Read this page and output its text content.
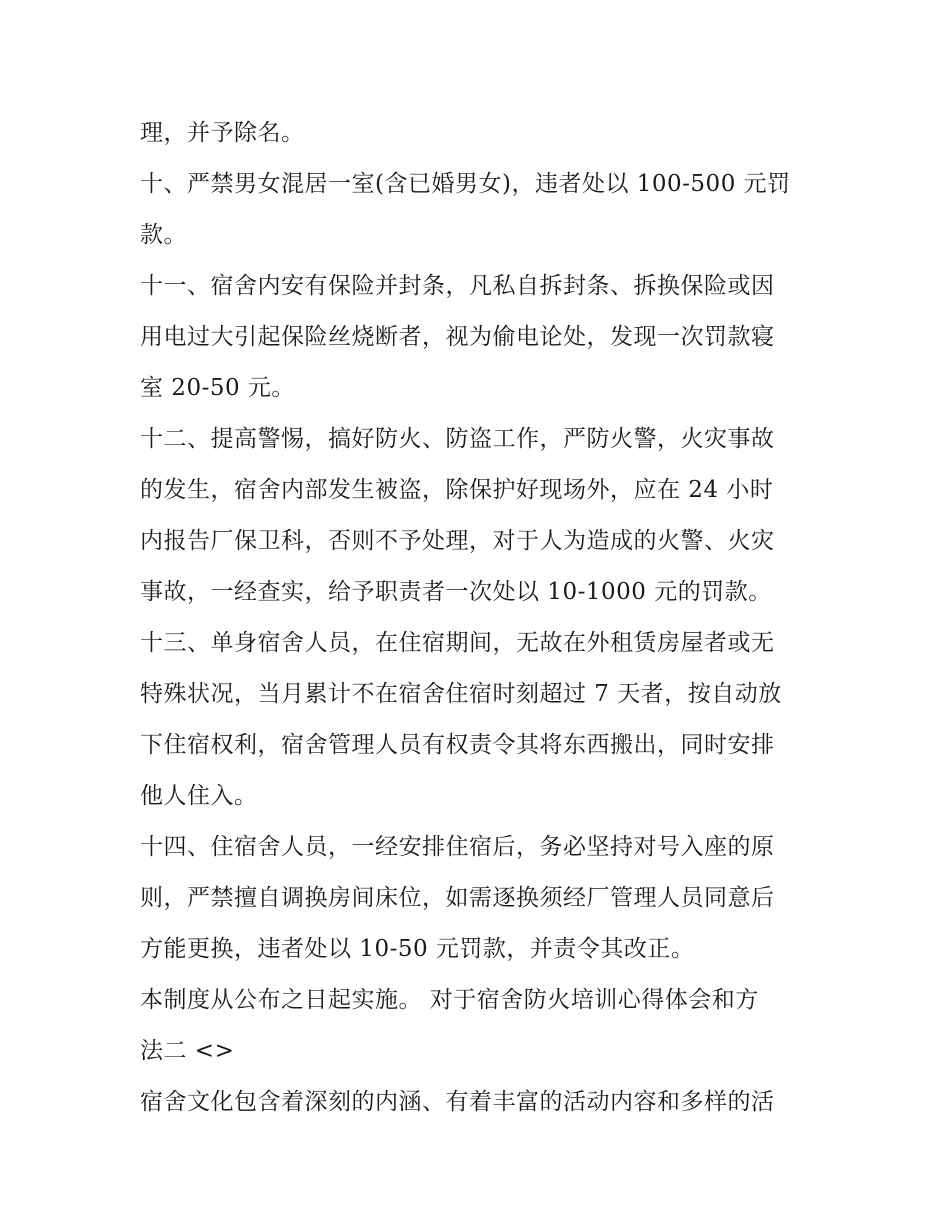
理，并予除名。
十、严禁男女混居一室(含已婚男女)，违者处以 100-500 元罚
款。
十一、宿舍内安有保险并封条，凡私自拆封条、拆换保险或因
用电过大引起保险丝烧断者，视为偷电论处，发现一次罚款寝
室 20-50 元。
十二、提高警惕，搞好防火、防盗工作，严防火警，火灾事故
的发生，宿舍内部发生被盗，除保护好现场外，应在 24 小时
内报告厂保卫科，否则不予处理，对于人为造成的火警、火灾
事故，一经查实，给予职责者一次处以 10-1000 元的罚款。
十三、单身宿舍人员，在住宿期间，无故在外租赁房屋者或无
特殊状况，当月累计不在宿舍住宿时刻超过 7 天者，按自动放
下住宿权利，宿舍管理人员有权责令其将东西搬出，同时安排
他人住入。
十四、住宿舍人员，一经安排住宿后，务必坚持对号入座的原
则，严禁擅自调换房间床位，如需逐换须经厂管理人员同意后
方能更换，违者处以 10-50 元罚款，并责令其改正。
本制度从公布之日起实施。 对于宿舍防火培训心得体会和方
法二 <>
宿舍文化包含着深刻的内涵、有着丰富的活动内容和多样的活
